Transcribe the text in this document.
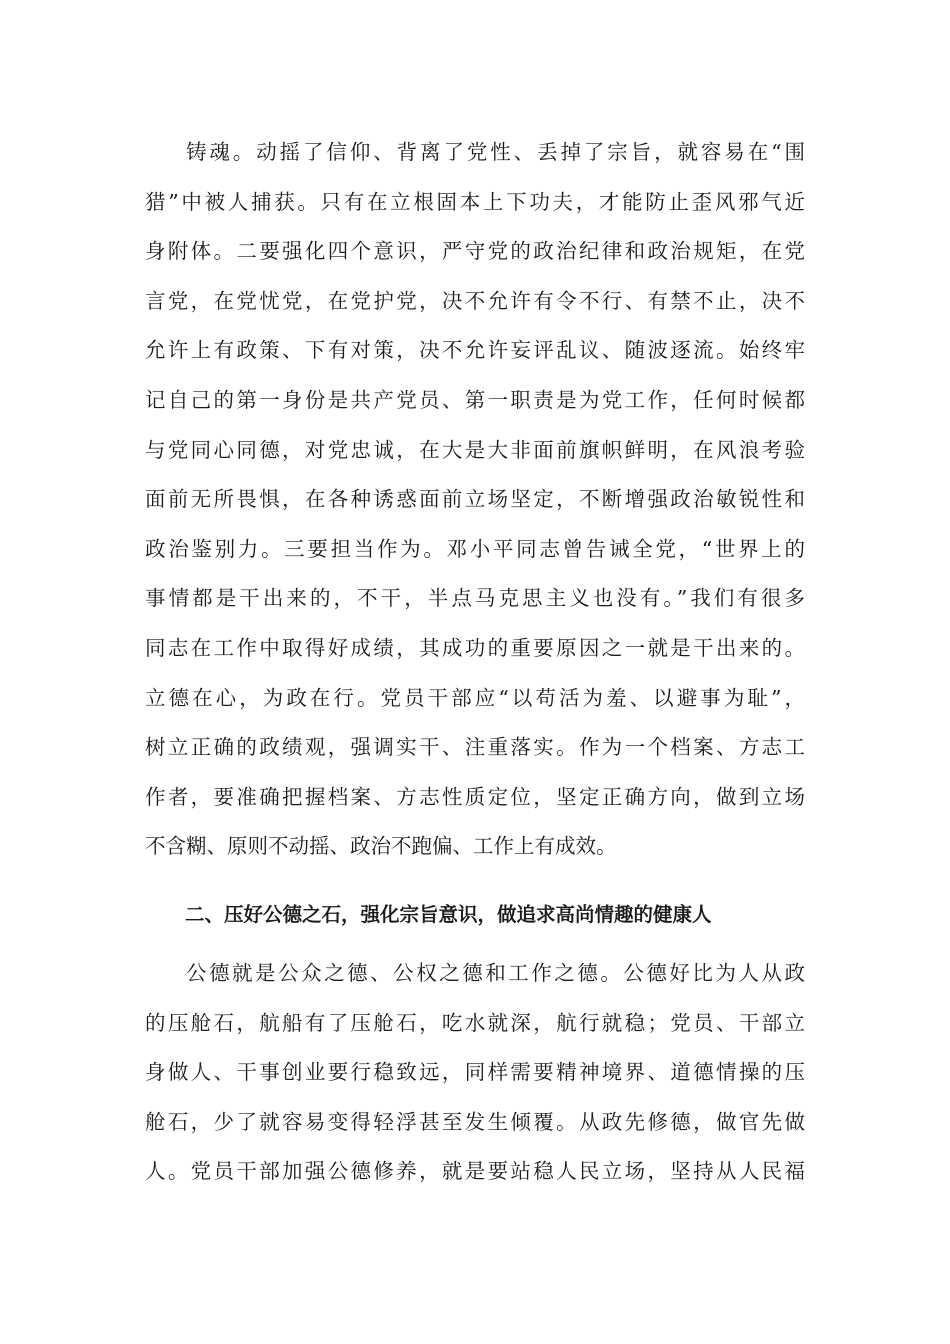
铸魂。动摇了信仰、背离了党性、丢掉了宗旨，就容易在“围
猎”中被人捕获。只有在立根固本上下功夫，才能防止歪风邪气近
身附体。二要强化四个意识，严守党的政治纪律和政治规矩，在党
言党，在党忧党，在党护党，决不允许有令不行、有禁不止，决不
允许上有政策、下有对策，决不允许妄评乱议、随波逐流。始终牢
记自己的第一身份是共产党员、第一职责是为党工作，任何时候都
与党同心同德，对党忠诚，在大是大非面前旗帜鲜明，在风浪考验
面前无所畏惧，在各种诱惑面前立场坚定，不断增强政治敏锐性和
政治鉴别力。三要担当作为。邓小平同志曾告诫全党，“世界上的
事情都是干出来的，不干，半点马克思主义也没有。”我们有很多
同志在工作中取得好成绩，其成功的重要原因之一就是干出来的。
立德在心，为政在行。党员干部应“以苟活为羞、以避事为耻”，
树立正确的政绩观，强调实干、注重落实。作为一个档案、方志工
作者，要准确把握档案、方志性质定位，坚定正确方向，做到立场
不含糊、原则不动摇、政治不跑偏、工作上有成效。
二、压好公德之石，强化宗旨意识，做追求高尚情趣的健康人
公德就是公众之德、公权之德和工作之德。公德好比为人从政
的压舱石，航船有了压舱石，吃水就深，航行就稳；党员、干部立
身做人、干事创业要行稳致远，同样需要精神境界、道德情操的压
舱石，少了就容易变得轻浮甚至发生倾覆。从政先修德，做官先做
人。党员干部加强公德修养，就是要站稳人民立场，坚持从人民福
